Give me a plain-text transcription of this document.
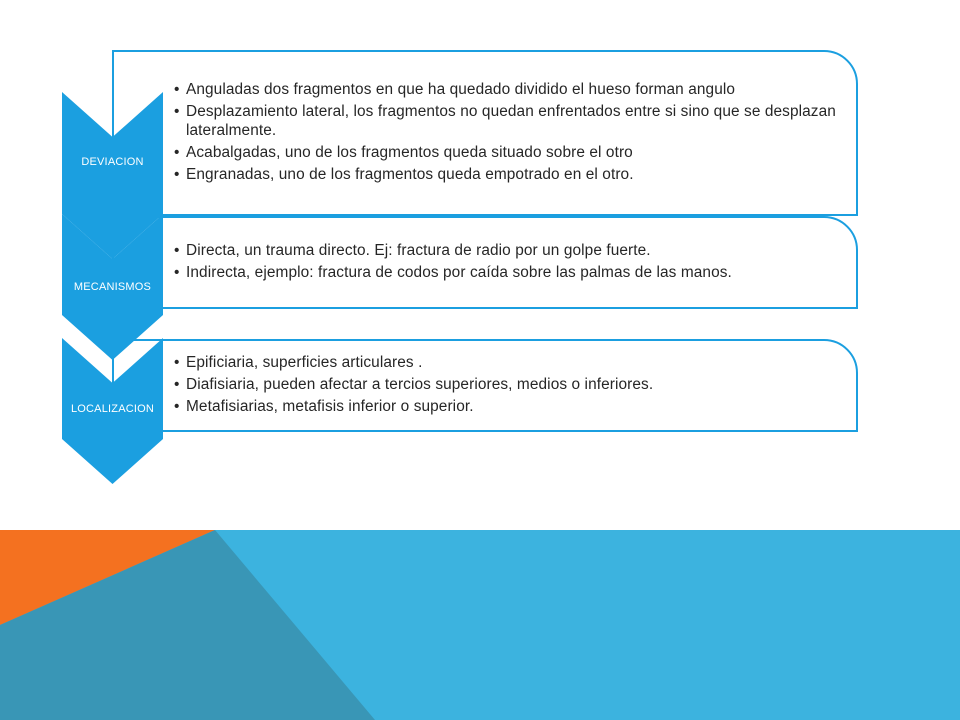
• Anguladas dos fragmentos en que ha quedado dividido el hueso forman angulo
• Desplazamiento lateral, los fragmentos no quedan enfrentados entre si sino que se desplazan lateralmente.
• Acabalgadas, uno de los fragmentos queda situado sobre el otro
• Engranadas, uno de los fragmentos queda empotrado en el otro.
• Directa, un trauma directo. Ej: fractura de radio por un golpe fuerte.
• Indirecta, ejemplo: fractura de codos por caída sobre las palmas de las manos.
• Epificiaria, superficies articulares .
• Diafisiaria, pueden afectar a tercios superiores, medios o inferiores.
• Metafisiarias, metafisis inferior o superior.
DEVIACION
MECANISMOS
LOCALIZACION
